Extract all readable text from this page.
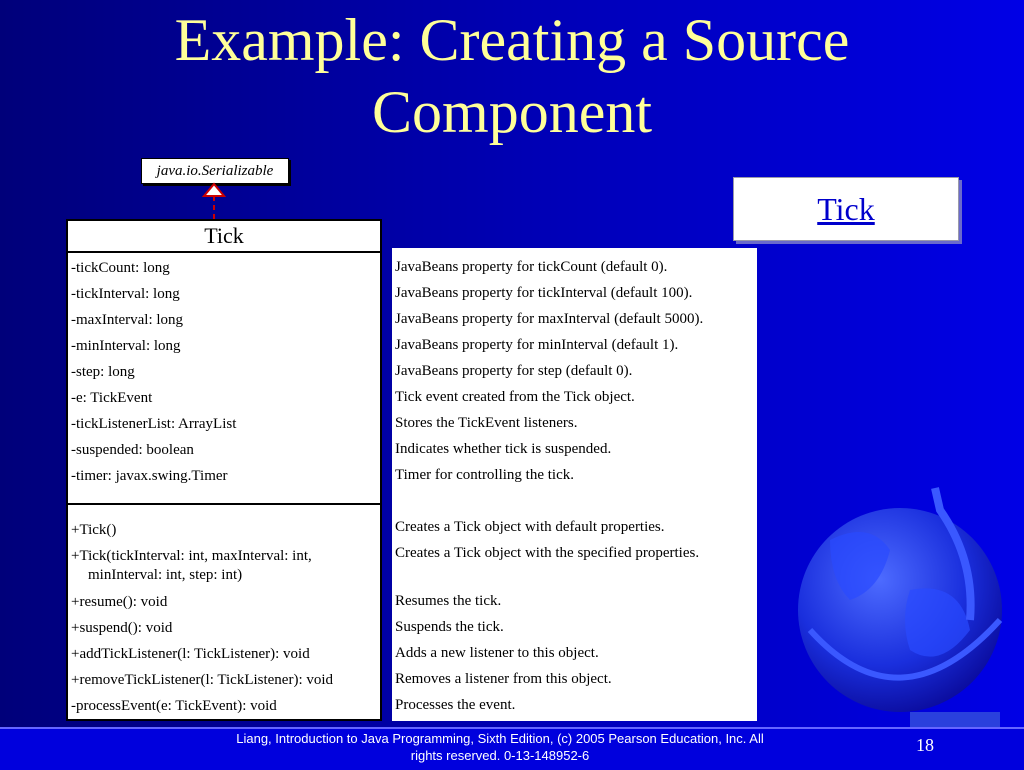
Example: Creating a Source
Component
java.io.Serializable
Tick
-tickCount: long
-tickInterval: long
-maxInterval: long
-minInterval: long
-step: long
-e: TickEvent
-tickListenerList: ArrayList
-suspended: boolean
-timer: javax.swing.Timer
+Tick()
+Tick(tickInterval: int, maxInterval: int,
minInterval: int, step: int)
+resume(): void
+suspend(): void
+addTickListener(l: TickListener): void
+removeTickListener(l: TickListener): void
-processEvent(e: TickEvent): void
JavaBeans property for tickCount (default 0).
JavaBeans property for tickInterval (default 100).
JavaBeans property for maxInterval (default 5000).
JavaBeans property for minInterval (default 1).
JavaBeans property for step (default 0).
Tick event created from the Tick object.
Stores the TickEvent listeners.
Indicates whether tick is suspended.
Timer for controlling the tick.
Creates a Tick object with default properties.
Creates a Tick object with the specified properties.
Resumes the tick.
Suspends the tick.
Adds a new listener to this object.
Removes a listener from this object.
Processes the event.
Tick
Liang, Introduction to Java Programming, Sixth Edition, (c) 2005 Pearson Education, Inc. All
rights reserved. 0-13-148952-6
18
